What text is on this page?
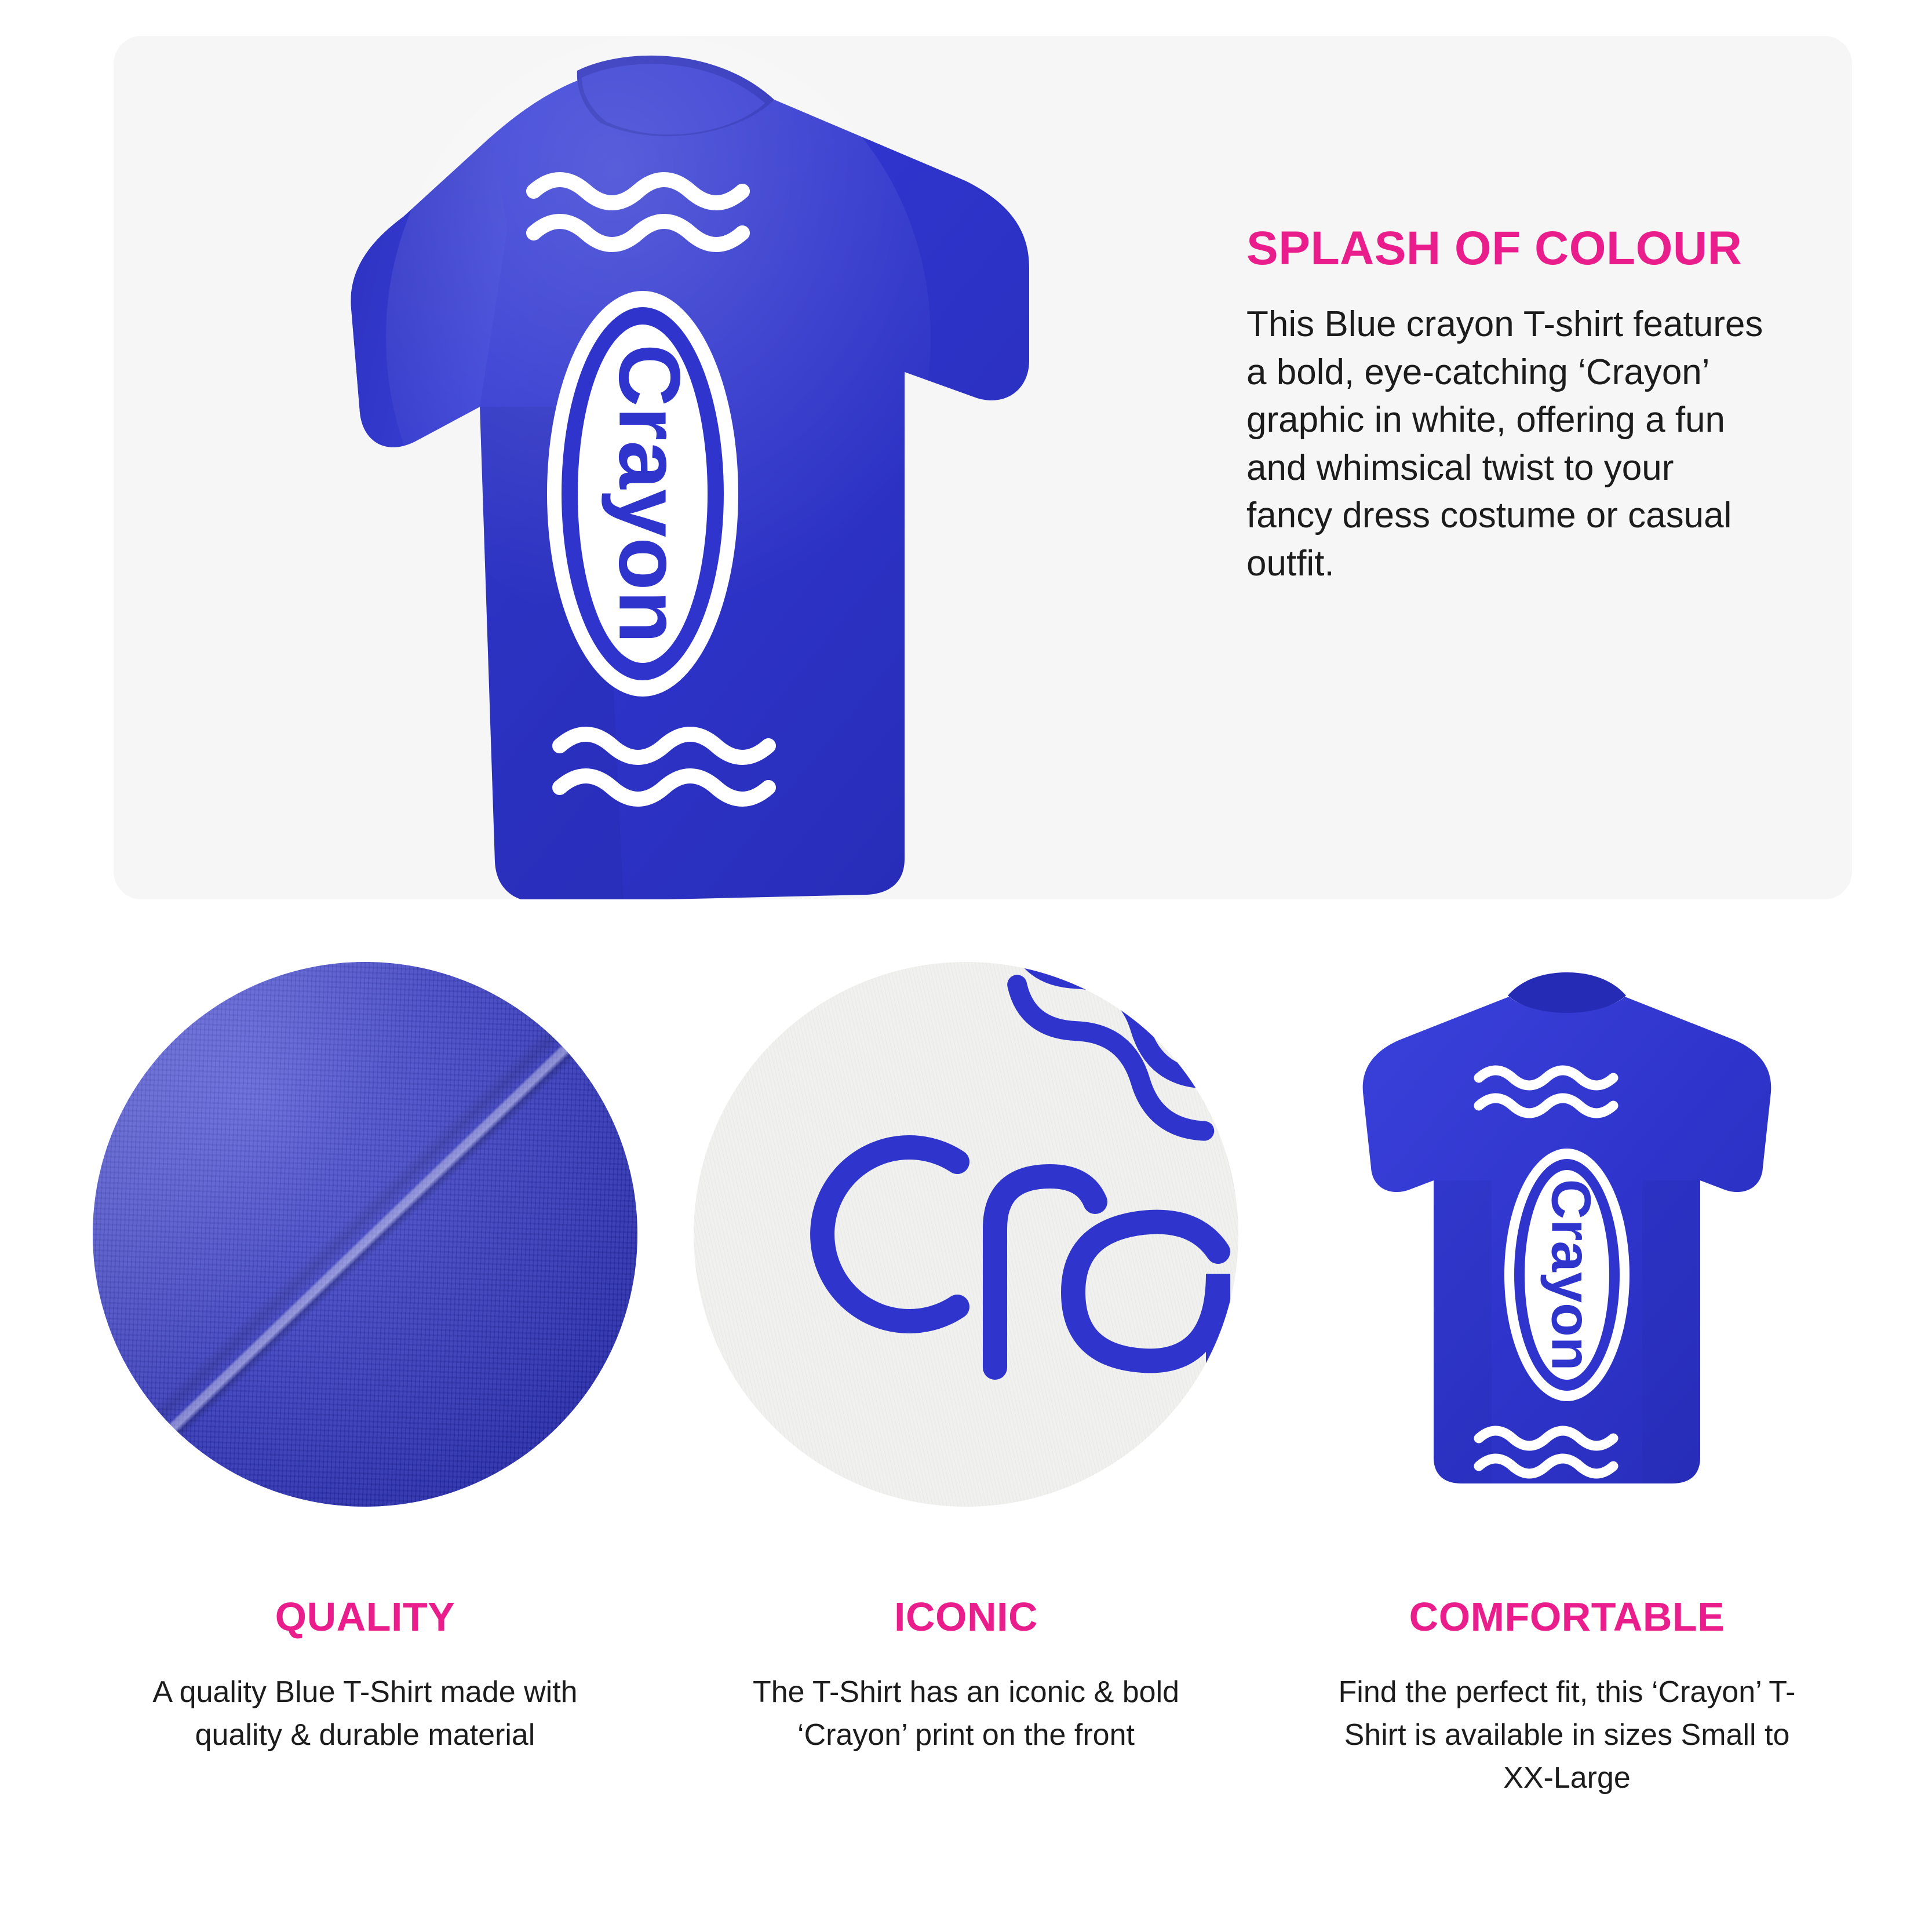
Crayon
SPLASH OF COLOUR

This Blue crayon T-shirt features a bold, eye-catching ‘Crayon’ graphic in white, offering a fun and whimsical twist to your fancy dress costume or casual outfit.

QUALITY

A quality Blue T-Shirt made with quality & durable material

ICONIC

The T-Shirt has an iconic & bold ‘Crayon’ print on the front

Crayon
COMFORTABLE

Find the perfect fit, this ‘Crayon’ T-Shirt is available in sizes Small to XX-Large
